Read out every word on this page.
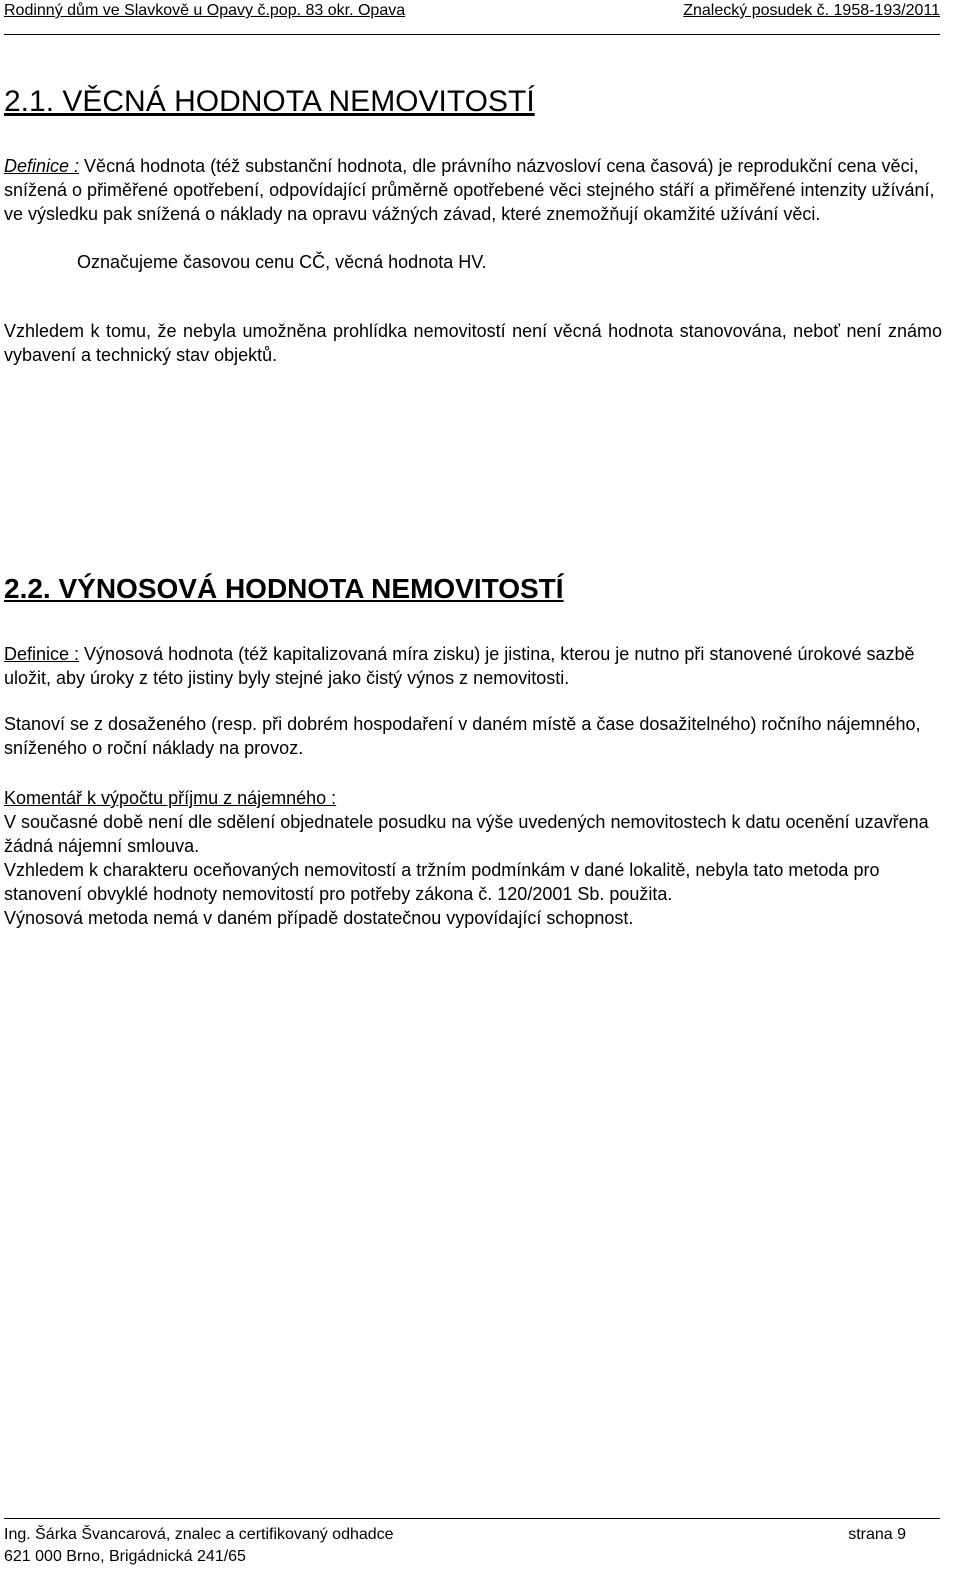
Rodinný dům ve Slavkově u Opavy č.pop. 83 okr. Opava	Znalecký posudek č. 1958-193/2011
2.1. VĚCNÁ HODNOTA NEMOVITOSTÍ

Definice : Věcná hodnota (též substanční hodnota, dle právního názvosloví cena časová) je reprodukční cena věci, snížená o přiměřené opotřebení, odpovídající průměrně opotřebené věci stejného stáří a přiměřené intenzity užívání, ve výsledku pak snížená o náklady na opravu vážných závad, které znemožňují okamžité užívání věci.

Označujeme časovou cenu CČ, věcná hodnota HV.

Vzhledem k tomu, že nebyla umožněna prohlídka nemovitostí není věcná hodnota stanovována, neboť není známo vybavení a technický stav objektů.

2.2. VÝNOSOVÁ HODNOTA NEMOVITOSTÍ

Definice : Výnosová hodnota (též kapitalizovaná míra zisku) je jistina, kterou je nutno při stanovené úrokové sazbě uložit, aby úroky z této jistiny byly stejné jako čistý výnos z nemovitosti.

Stanoví se z dosaženého (resp. při dobrém hospodaření v daném místě a čase dosažitelného) ročního nájemného, sníženého o roční náklady na provoz.

Komentář k výpočtu příjmu z nájemného :
V současné době není dle sdělení objednatele posudku na výše uvedených nemovitostech k datu ocenění uzavřena žádná nájemní smlouva.
Vzhledem k charakteru oceňovaných nemovitostí a tržním podmínkám v dané lokalitě, nebyla tato metoda pro stanovení obvyklé hodnoty nemovitostí pro potřeby zákona č. 120/2001 Sb. použita.
Výnosová metoda nemá v daném případě dostatečnou vypovídající schopnost.
Ing. Šárka Švancarová, znalec a certifikovaný odhadce	strana 9
621 000 Brno, Brigádnická 241/65
